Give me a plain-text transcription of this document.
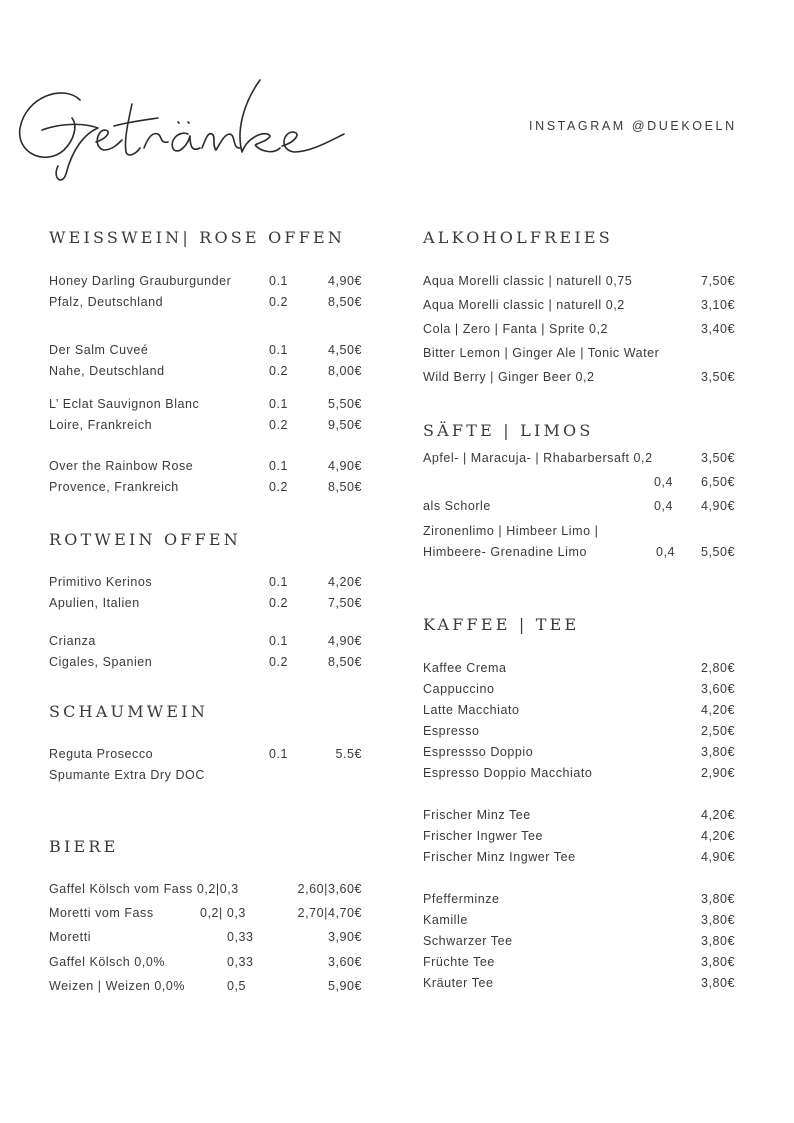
INSTAGRAM @DUEKOELN
WEISSWEIN| ROSE OFFEN
Honey Darling Grauburgunder	0.1	4,90€
Pfalz, Deutschland	0.2	8,50€
Der Salm Cuveé	0.1	4,50€
Nahe, Deutschland	0.2	8,00€
L’ Eclat Sauvignon Blanc	0.1	5,50€
Loire, Frankreich	0.2	9,50€
Over the Rainbow Rose	0.1	4,90€
Provence, Frankreich	0.2	8,50€
ROTWEIN OFFEN
Primitivo Kerinos	0.1	4,20€
Apulien, Italien	0.2	7,50€
Crianza	0.1	4,90€
Cigales, Spanien	0.2	8,50€
SCHAUMWEIN
Reguta Prosecco	0.1	5.5€
Spumante Extra Dry DOC
BIERE
Gaffel Kölsch vom Fass 0,2|0,3	2,60|3,60€
Moretti vom Fass	0,2| 0,3	2,70|4,70€
Moretti	0,33	3,90€
Gaffel Kölsch 0,0%	0,33	3,60€
Weizen | Weizen 0,0%	0,5	5,90€
ALKOHOLFREIES
Aqua Morelli classic | naturell 0,75	7,50€
Aqua Morelli classic | naturell 0,2	3,10€
Cola | Zero | Fanta | Sprite 0,2	3,40€
Bitter Lemon | Ginger Ale | Tonic Water
Wild Berry | Ginger Beer 0,2	3,50€
SÄFTE | LIMOS
Apfel- | Maracuja- | Rhabarbersaft 0,2	3,50€
0,4	6,50€
als Schorle	0,4	4,90€
Zironenlimo | Himbeer Limo |
Himbeere- Grenadine Limo	0,4	5,50€
KAFFEE | TEE
Kaffee Crema	2,80€
Cappuccino	3,60€
Latte Macchiato	4,20€
Espresso	2,50€
Espressso Doppio	3,80€
Espresso Doppio Macchiato	2,90€
Frischer Minz Tee	4,20€
Frischer Ingwer Tee	4,20€
Frischer Minz Ingwer Tee	4,90€
Pfefferminze	3,80€
Kamille	3,80€
Schwarzer Tee	3,80€
Früchte Tee	3,80€
Kräuter Tee	3,80€
